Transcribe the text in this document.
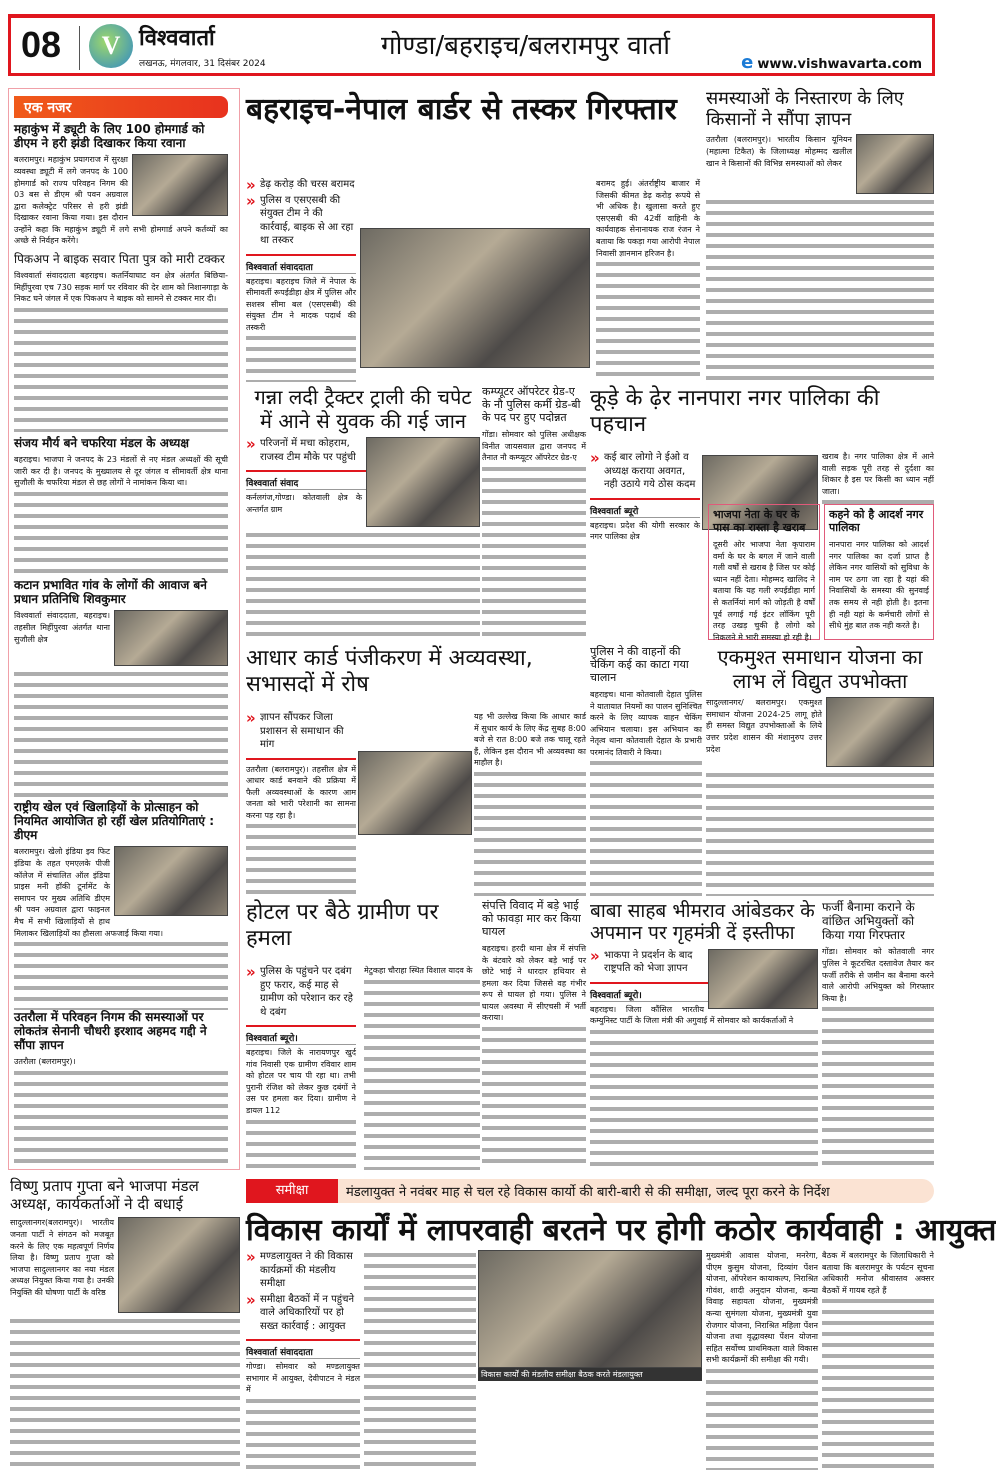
08	V विश्ववार्ता
लखनऊ, मंगलवार, 31 दिसंबर 2024
गोण्डा/बहराइच/बलरामपुर वार्ता
e www.vishwavarta.com
एक नजर
समीक्षा	मंडलायुक्त ने नवंबर माह से चल रहे विकास कार्यो की बारी-बारी से की समीक्षा, जल्द पूरा करने के निर्देश
विकास कार्यों में लापरवाही बरतने पर होगी कठोर कार्यवाही : आयुक्त
महाकुंभ में ड्यूटी के लिए 100 होमगार्ड को डीएम ने हरी झंडी दिखाकर किया रवाना

बलरामपुर। महाकुंभ प्रयागराज में सुरक्षा व्यवस्था ड्यूटी में लगे जनपद के 100 होमगार्ड को राज्य परिवहन निगम की 03 बस से डीएम श्री पवन अग्रवाल द्वारा कलेक्ट्रेट परिसर से हरी झंडी दिखाकर रवाना किया गया। इस दौरान उन्होंने कहा कि महाकुंभ ड्यूटी में लगे सभी होमगार्ड अपने कर्तव्यों का अच्छे से निर्वहन करेंगे।

पिकअप ने बाइक सवार पिता पुत्र को मारी टक्कर

विश्ववार्ता संवाददाता बहराइच। कतर्नियाघाट वन क्षेत्र अंतर्गत बिछिया-मिहींपुरवा एच 730 सड़क मार्ग पर रविवार की देर शाम को निशानगाड़ा के निकट घने जंगल में एक पिकअप ने बाइक को सामने से टक्कर मार दी।

संजय मौर्य बने चफरिया मंडल के अध्यक्ष

बहराइच। भाजपा ने जनपद के 23 मंडलों से नए मंडल अध्यक्षों की सूची जारी कर दी है। जनपद के मुख्यालय से दूर जंगल व सीमावर्ती क्षेत्र थाना सुजौली के चफरिया मंडल से छह लोगों ने नामांकन किया था।

कटान प्रभावित गांव के लोगों की आवाज बने प्रधान प्रतिनिधि शिवकुमार

विश्ववार्ता संवाददाता, बहराइच। तहसील मिहींपुरवा अंतर्गत थाना सुजौली क्षेत्र

राष्ट्रीय खेल एवं खिलाड़ियों के प्रोत्साहन को नियमित आयोजित हो रहीं खेल प्रतियोगिताएं : डीएम

बलरामपुर। खेलो इंडिया इव फिट इंडिया के तहत एमएलके पीजी कॉलेज में संचालित ऑल इंडिया प्राइस मनी हॉकी टूर्नामेंट के समापन पर मुख्य अतिथि डीएम श्री पवन अग्रवाल द्वारा फाइनल मैच में सभी खिलाड़ियों से हाथ मिलाकर खिलाड़ियों का हौसला अफजाई किया गया।

उतरौला में परिवहन निगम की समस्याओं पर लोकतंत्र सेनानी चौधरी इरशाद अहमद गद्दी ने सौंपा ज्ञापन

उतरौला (बलरामपुर)।

बहराइच-नेपाल बार्डर से तस्कर गिरफ्तार
» डेढ़ करोड़ की चरस बरामद
» पुलिस व एसएसबी की संयुक्त टीम ने की कार्रवाई, बाइक से आ रहा था तस्कर
विश्ववार्ता संवाददाता

बहराइच। बहराइच जिले में नेपाल के सीमावर्ती रूपईडीहा क्षेत्र में पुलिस और सशस्त्र सीमा बल (एसएसबी) की संयुक्त टीम ने मादक पदार्थ की तस्करी

बरामद हुई। अंतर्राष्ट्रीय बाजार में जिसकी कीमत डेढ़ करोड़ रूपये से भी अधिक है। खुलासा करते हुए एसएसबी की 42वीं वाहिनी के कार्यवाहक सेनानायक राज रंजन ने बताया कि पकड़ा गया आरोपी नेपाल निवासी ज्ञानमान हरिजन है।

समस्याओं के निस्तारण के लिए किसानों ने सौंपा ज्ञापन

उतरौला (बलरामपुर)। भारतीय किसान यूनियन (महात्मा टिकैत) के जिलाध्यक्ष मोहम्मद खलील खान ने किसानों की विभिन्न समस्याओं को लेकर

गन्ना लदी ट्रैक्टर ट्राली की चपेट में आने से युवक की गई जान
» परिजनों में मचा कोहराम, राजस्व टीम मौके पर पहुंची
विश्ववार्ता संवाद

कर्नलगंज,गोण्डा। कोतवाली क्षेत्र के अन्तर्गत ग्राम

कम्प्यूटर ऑपरेटर ग्रेड-ए के नौ पुलिस कर्मी ग्रेड-बी के पद पर हुए पदोन्नत

गोंडा। सोमवार को पुलिस अधीक्षक विनीत जायसवाल द्वारा जनपद में तैनात नौ कम्प्यूटर ऑपरेटर ग्रेड-ए

कूड़े के ढ़ेर नानपारा नगर पालिका की पहचान
» कई बार लोगो ने ईओ व अध्यक्ष कराया अवगत, नही उठाये गये ठोस कदम
विश्ववार्ता ब्यूरो

बहराइच। प्रदेश की योगी सरकार के नगर पालिका क्षेत्र

खराब है। नगर पालिका क्षेत्र में आने वाली सड़क पूरी तरह से दुर्दशा का शिकार है इस पर किसी का ध्यान नहीं जाता।

भाजपा नेता के घर के पास का रास्ता है खराब

दूसरी ओर भाजपा नेता कृपाराम वर्मा के घर के बगल में जाने वाली गली वर्षों से खराब है जिस पर कोई ध्यान नहीं देता। मोहम्मद खालिद ने बताया कि यह गली रुपईडीहा मार्ग से कतर्नियां मार्ग को जोड़ती है वर्षों पूर्व लगाई गई इंटर लॉकिंग पूरी तरह उखड़ चुकी है लोगो को निकलने मे भारी समस्या हो रही है।

कहने को है आदर्श नगर पालिका

नानपारा नगर पालिका को आदर्श नगर पालिका का दर्जा प्राप्त है लेकिन नगर वासियों को सुविधा के नाम पर ठगा जा रहा है यहां की निवासियों के समस्या की सुनवाई तक समय से नही होती है। इतना ही नही यहां के कर्मचारी लोगों से सीधे मुंह बात तक नही करते है।

आधार कार्ड पंजीकरण में अव्यवस्था, सभासदों में रोष
» ज्ञापन सौंपकर जिला प्रशासन से समाधान की मांग

उतरौला (बलरामपुर)। तहसील क्षेत्र में आधार कार्ड बनवाने की प्रक्रिया में फैली अव्यवस्थाओं के कारण आम जनता को भारी परेशानी का सामना करना पड़ रहा है।

यह भी उल्लेख किया कि आधार कार्ड में सुधार कार्य के लिए केंद्र सुबह 8:00 बजे से रात 8:00 बजे तक चालू रहते हैं, लेकिन इस दौरान भी अव्यवस्था का माहौल है।

पुलिस ने की वाहनों की चेकिंग कई का काटा गया चालान

बहराइच। थाना कोतवाली देहात पुलिस ने यातायात नियमों का पालन सुनिश्चित करने के लिए व्यापक वाहन चेकिंग अभियान चलाया। इस अभियान का नेतृत्व थाना कोतवाली देहात के प्रभारी परमानंद तिवारी ने किया।

एकमुश्त समाधान योजना का लाभ लें विद्युत उपभोक्ता

सादुल्लानगर/ बलरामपुर। एकमुश्त समाधान योजना 2024-25 लागू होते ही समस्त विद्युत उपभोक्ताओं के लिये उत्तर प्रदेश शासन की मंशानुरुप उत्तर प्रदेश

होटल पर बैठे ग्रामीण पर हमला
» पुलिस के पहुंचने पर दबंग हुए फरार, कई माह से ग्रामीण को परेशान कर रहे थे दबंग
विश्ववार्ता ब्यूरो।

बहराइच। जिले के नारायणपुर खुर्द गांव निवासी एक ग्रामीण रविवार शाम को होटल पर चाय पी रहा था। तभी पुरानी रंजिश को लेकर कुछ दबंगों ने उस पर हमला कर दिया। ग्रामीण ने डायल 112

मेटुकहा चौराहा स्थित विशाल यादव के

संपत्ति विवाद में बड़े भाई को फावड़ा मार कर किया घायल

बहराइच। हरदी थाना क्षेत्र में संपत्ति के बंटवारे को लेकर बड़े भाई पर छोटे भाई ने धारदार हथियार से हमला कर दिया जिससे वह गंभीर रूप से घायल हो गया। पुलिस ने घायल अवस्था में सीएचसी में भर्ती कराया।

बाबा साहब भीमराव आंबेडकर के अपमान पर गृहमंत्री दें इस्तीफा
» भाकपा ने प्रदर्शन के बाद राष्ट्रपति को भेजा ज्ञापन
विश्ववार्ता ब्यूरो।

बहराइच। जिला कौंसिल भारतीय कम्युनिस्ट पार्टी के जिला मंत्री की अगुवाई में सोमवार को कार्यकर्ताओं ने

फर्जी बैनामा कराने के वांछित अभियुक्तों को किया गया गिरफ्तार

गोंडा। सोमवार को कोतवाली नगर पुलिस ने कूटरचित दस्तावेज तैयार कर फर्जी तरीके से जमीन का बैनामा करने वाले आरोपी अभियुक्त को गिरफ्तार किया है।

विष्णु प्रताप गुप्ता बने भाजपा मंडल अध्यक्ष, कार्यकर्ताओं ने दी बधाई

सादुल्लानगर(बलरामपुर)। भारतीय जनता पार्टी ने संगठन को मजबूत करने के लिए एक महत्वपूर्ण निर्णय लिया है। विष्णु प्रताप गुप्ता को भाजपा सादुल्लानगर का नया मंडल अध्यक्ष नियुक्त किया गया है। उनकी नियुक्ति की घोषणा पार्टी के वरिष्ठ

» मण्डलायुक्त ने की विकास कार्यक्रमों की मंडलीय समीक्षा
» समीक्षा बैठकों में न पहुंचने वाले अधिकारियों पर हो सख्त कार्रवाई : आयुक्त
विश्ववार्ता संवाददाता

गोण्डा। सोमवार को मण्डलायुक्त सभागार में आयुक्त, देवीपाटन ने मंडल में

मुख्यमंत्री आवास योजना, मनरेगा, पीएम कुसुम योजना, दिव्यांग पेंशन योजना, ऑपरेशन कायाकल्प, निराश्रित गोवंश, शादी अनुदान योजना, कन्या विवाह सहायता योजना, मुख्यमंत्री कन्या सुमंगला योजना, मुख्यमंत्री युवा रोजगार योजना, निराश्रित महिला पेंशन योजना तथा वृद्धावस्था पेंशन योजना सहित सर्वोच्च प्राथमिकता वाले विकास सभी कार्यक्रमों की समीक्षा की गयी।

बैठक में बलरामपुर के जिलाधिकारी ने बताया कि बलरामपुर के पर्यटन सूचना अधिकारी मनोज श्रीवास्तव अक्सर बैठकों में गायब रहते हैं

विकास कार्यों की मंडलीय समीक्षा बैठक करते मंडलायुक्त
